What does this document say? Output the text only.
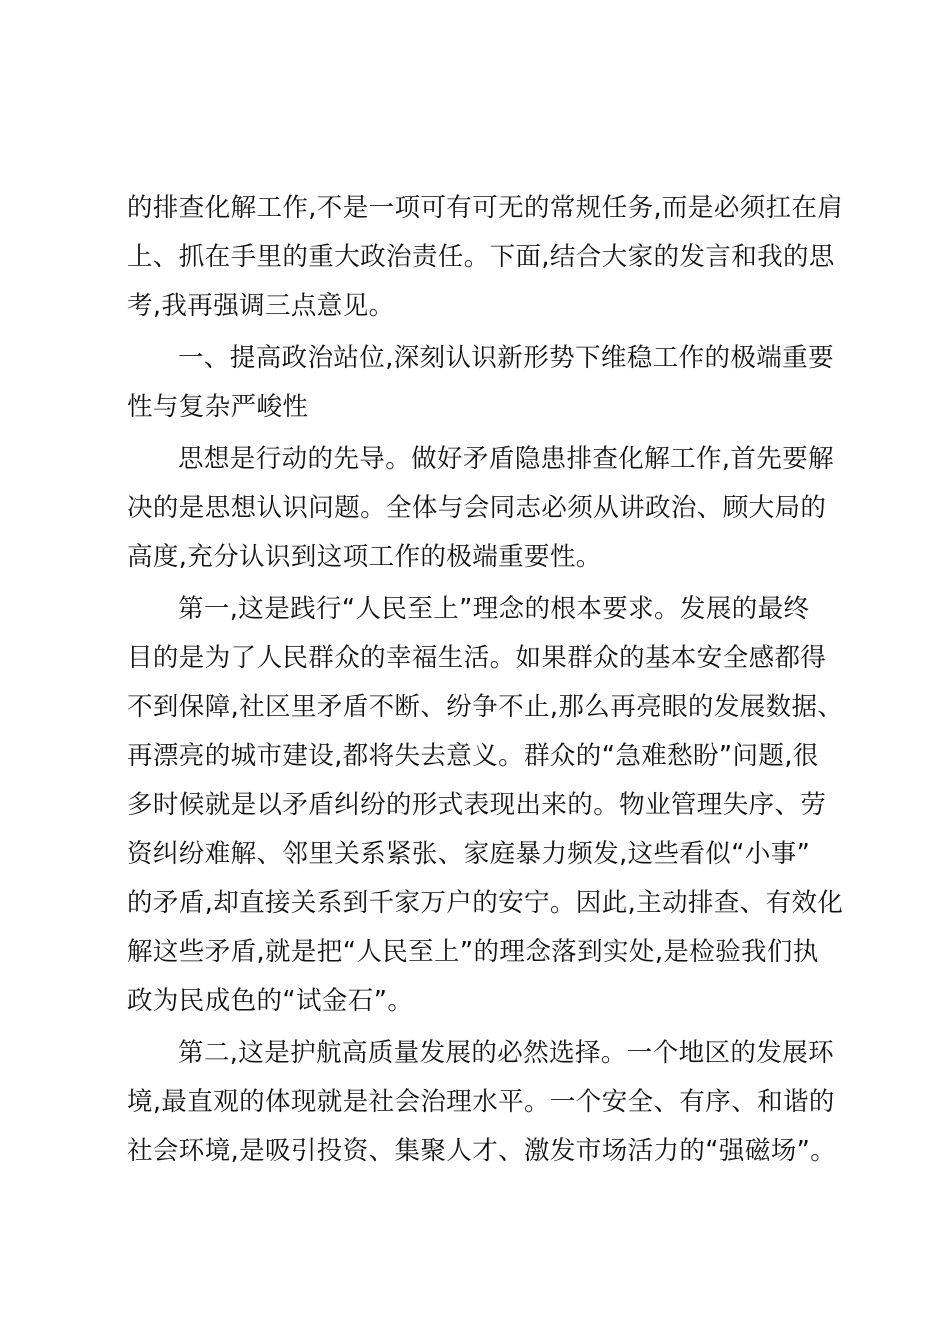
的排查化解工作,不是一项可有可无的常规任务,而是必须扛在肩
上、抓在手里的重大政治责任。下面,结合大家的发言和我的思
考,我再强调三点意见。
一、提高政治站位,深刻认识新形势下维稳工作的极端重要
性与复杂严峻性
思想是行动的先导。做好矛盾隐患排查化解工作,首先要解
决的是思想认识问题。全体与会同志必须从讲政治、顾大局的
高度,充分认识到这项工作的极端重要性。
第一,这是践行“人民至上”理念的根本要求。发展的最终
目的是为了人民群众的幸福生活。如果群众的基本安全感都得
不到保障,社区里矛盾不断、纷争不止,那么再亮眼的发展数据、
再漂亮的城市建设,都将失去意义。群众的“急难愁盼”问题,很
多时候就是以矛盾纠纷的形式表现出来的。物业管理失序、劳
资纠纷难解、邻里关系紧张、家庭暴力频发,这些看似“小事”
的矛盾,却直接关系到千家万户的安宁。因此,主动排查、有效化
解这些矛盾,就是把“人民至上”的理念落到实处,是检验我们执
政为民成色的“试金石”。
第二,这是护航高质量发展的必然选择。一个地区的发展环
境,最直观的体现就是社会治理水平。一个安全、有序、和谐的
社会环境,是吸引投资、集聚人才、激发市场活力的“强磁场”。
